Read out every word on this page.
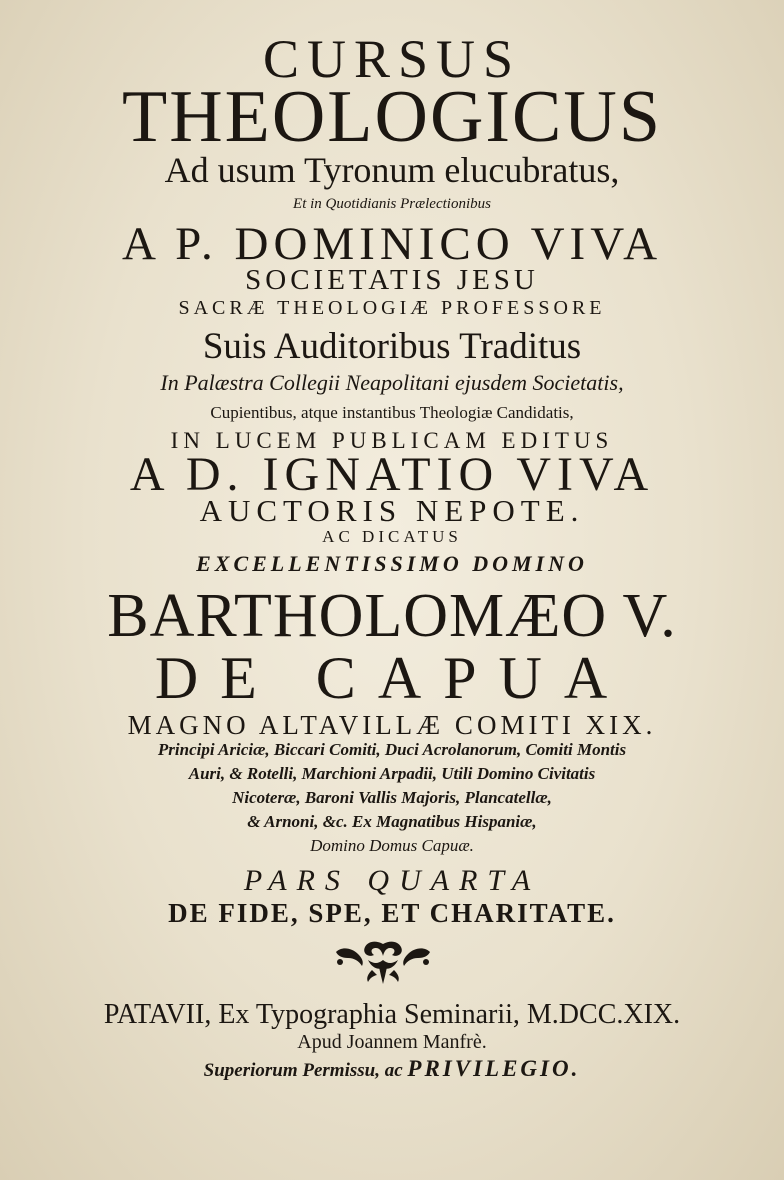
CURSUS
THEOLOGICUS
Ad usum Tyronum elucubratus,
Et in Quotidianis Prælectionibus
A P. DOMINICO VIVA
SOCIETATIS JESU
SACRÆ THEOLOGIÆ PROFESSORE
Suis Auditoribus Traditus
In Palæstra Collegii Neapolitani ejusdem Societatis,
Cupientibus, atque instantibus Theologiæ Candidatis,
IN LUCEM PUBLICAM EDITUS
A D. IGNATIO VIVA
AUCTORIS NEPOTE.
AC DICATUS
EXCELLENTISSIMO DOMINO
BARTHOLOMÆO V.
DE CAPUA
MAGNO ALTAVILLÆ COMITI XIX.
Principi Ariciæ, Biccari Comiti, Duci Acrolanorum, Comiti Montis
Auri, & Rotelli, Marchioni Arpadii, Utili Domino Civitatis
Nicoteræ, Baroni Vallis Majoris, Plancatellæ,
& Arnoni, &c. Ex Magnatibus Hispaniæ,
Domino Domus Capuæ.
PARS QUARTA
DE FIDE, SPE, ET CHARITATE.
PATAVII, Ex Typographia Seminarii, M.DCC.XIX.
Apud Joannem Manfrè.
Superiorum Permissu, ac PRIVILEGIO.
